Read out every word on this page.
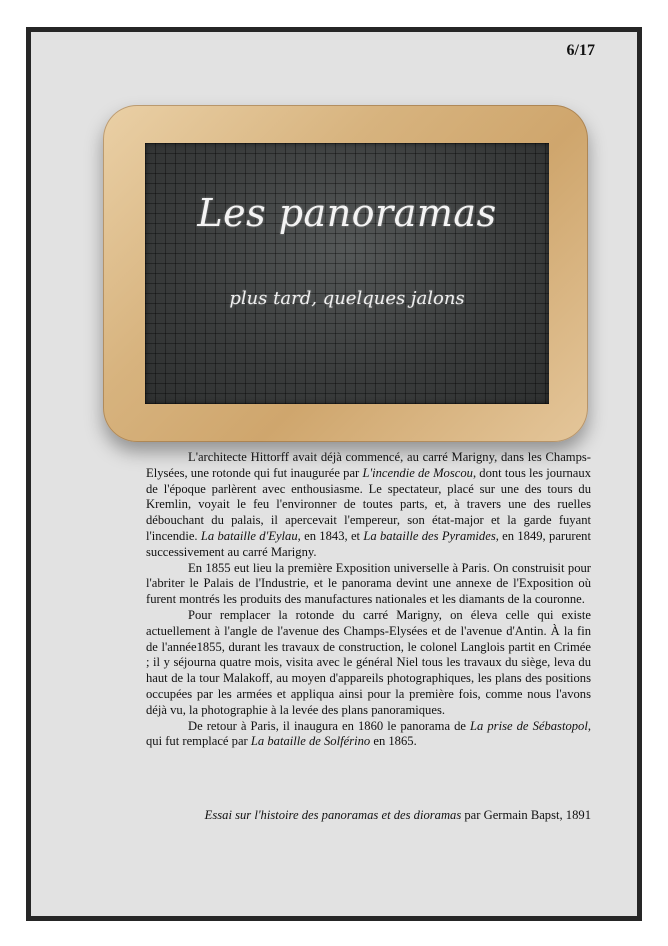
6/17
Les panoramas
plus tard, quelques jalons

L'architecte Hittorff avait déjà commencé, au carré Marigny, dans les Champs-Elysées, une rotonde qui fut inaugurée par L'incendie de Moscou, dont tous les journaux de l'époque parlèrent avec enthousiasme. Le spectateur, placé sur une des tours du Kremlin, voyait le feu l'environner de toutes parts, et, à travers une des ruelles débouchant du palais, il apercevait l'empereur, son état-major et la garde fuyant l'incendie. La bataille d'Eylau, en 1843, et La bataille des Pyramides, en 1849, parurent successivement au carré Marigny.

En 1855 eut lieu la première Exposition universelle à Paris. On construisit pour l'abriter le Palais de l'Industrie, et le panorama devint une annexe de l'Exposition où furent montrés les produits des manufactures nationales et les diamants de la couronne.

Pour remplacer la rotonde du carré Marigny, on éleva celle qui existe actuellement à l'angle de l'avenue des Champs-Elysées et de l'avenue d'Antin. À la fin de l'année1855, durant les travaux de construction, le colonel Langlois partit en Crimée ; il y séjourna quatre mois, visita avec le général Niel tous les travaux du siège, leva du haut de la tour Malakoff, au moyen d'appareils photographiques, les plans des positions occupées par les armées et appliqua ainsi pour la première fois, comme nous l'avons déjà vu, la photographie à la levée des plans panoramiques.

De retour à Paris, il inaugura en 1860 le panorama de La prise de Sébastopol, qui fut remplacé par La bataille de Solférino en 1865.

Essai sur l'histoire des panoramas et des dioramas par Germain Bapst, 1891
